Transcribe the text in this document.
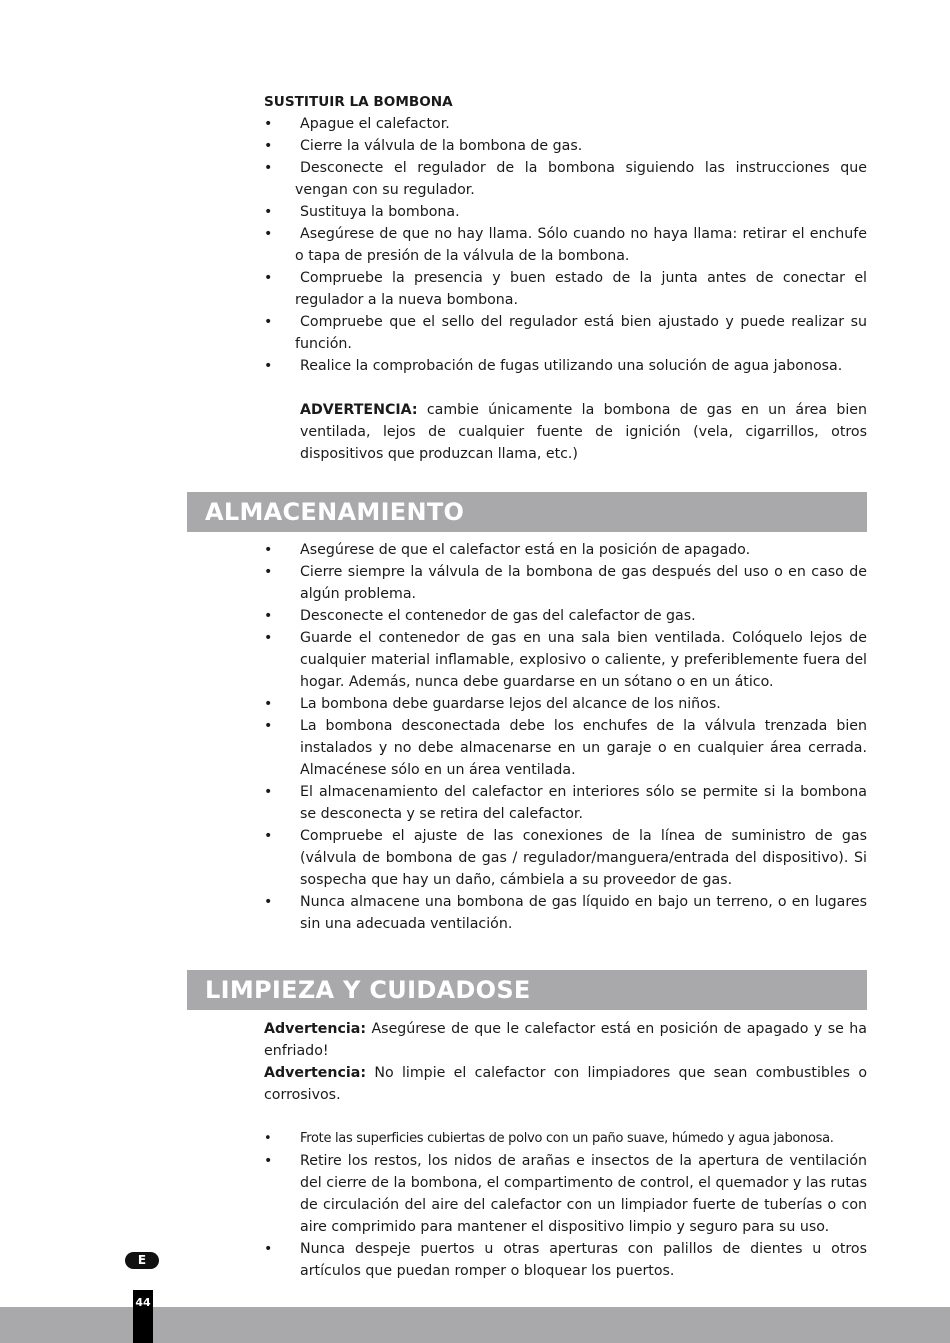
SUSTITUIR LA BOMBONA
• Apague el calefactor.
• Cierre la válvula de la bombona de gas.
• Desconecte el regulador de la bombona siguiendo las instrucciones que vengan con su regulador.
• Sustituya la bombona.
• Asegúrese de que no hay llama. Sólo cuando no haya llama: retirar el enchufe o tapa de presión de la válvula de la bombona.
• Compruebe la presencia y buen estado de la junta antes de conectar el regulador a la nueva bombona.
• Compruebe que el sello del regulador está bien ajustado y puede realizar su función.
• Realice la comprobación de fugas utilizando una solución de agua jabonosa.
ADVERTENCIA: cambie únicamente la bombona de gas en un área bien ventilada, lejos de cualquier fuente de ignición (vela, cigarrillos, otros dispositivos que produzcan llama, etc.)
ALMACENAMIENTO
• Asegúrese de que el calefactor está en la posición de apagado.
• Cierre siempre la válvula de la bombona de gas después del uso o en caso de algún problema.
• Desconecte el contenedor de gas del calefactor de gas.
• Guarde el contenedor de gas en una sala bien ventilada. Colóquelo lejos de cualquier material inflamable, explosivo o caliente, y preferiblemente fuera del hogar. Además, nunca debe guardarse en un sótano o en un ático.
• La bombona debe guardarse lejos del alcance de los niños.
• La bombona desconectada debe los enchufes de la válvula trenzada bien instalados y no debe almacenarse en un garaje o en cualquier área cerrada. Almacénese sólo en un área ventilada.
• El almacenamiento del calefactor en interiores sólo se permite si la bombona se desconecta y se retira del calefactor.
• Compruebe el ajuste de las conexiones de la línea de suministro de gas (válvula de bombona de gas / regulador/manguera/entrada del dispositivo). Si sospecha que hay un daño, cámbiela a su proveedor de gas.
• Nunca almacene una bombona de gas líquido en bajo un terreno, o en lugares sin una adecuada ventilación.
LIMPIEZA Y CUIDADOSE
Advertencia: Asegúrese de que le calefactor está en posición de apagado y se ha enfriado!
Advertencia: No limpie el calefactor con limpiadores que sean combustibles o corrosivos.
• Frote las superficies cubiertas de polvo con un paño suave, húmedo y agua jabonosa.
• Retire los restos, los nidos de arañas e insectos de la apertura de ventilación del cierre de la bombona, el compartimento de control, el quemador y las rutas de circulación del aire del calefactor con un limpiador fuerte de tuberías o con aire comprimido para mantener el dispositivo limpio y seguro para su uso.
• Nunca despeje puertos u otras aperturas con palillos de dientes u otros artículos que puedan romper o bloquear los puertos.
E
44
